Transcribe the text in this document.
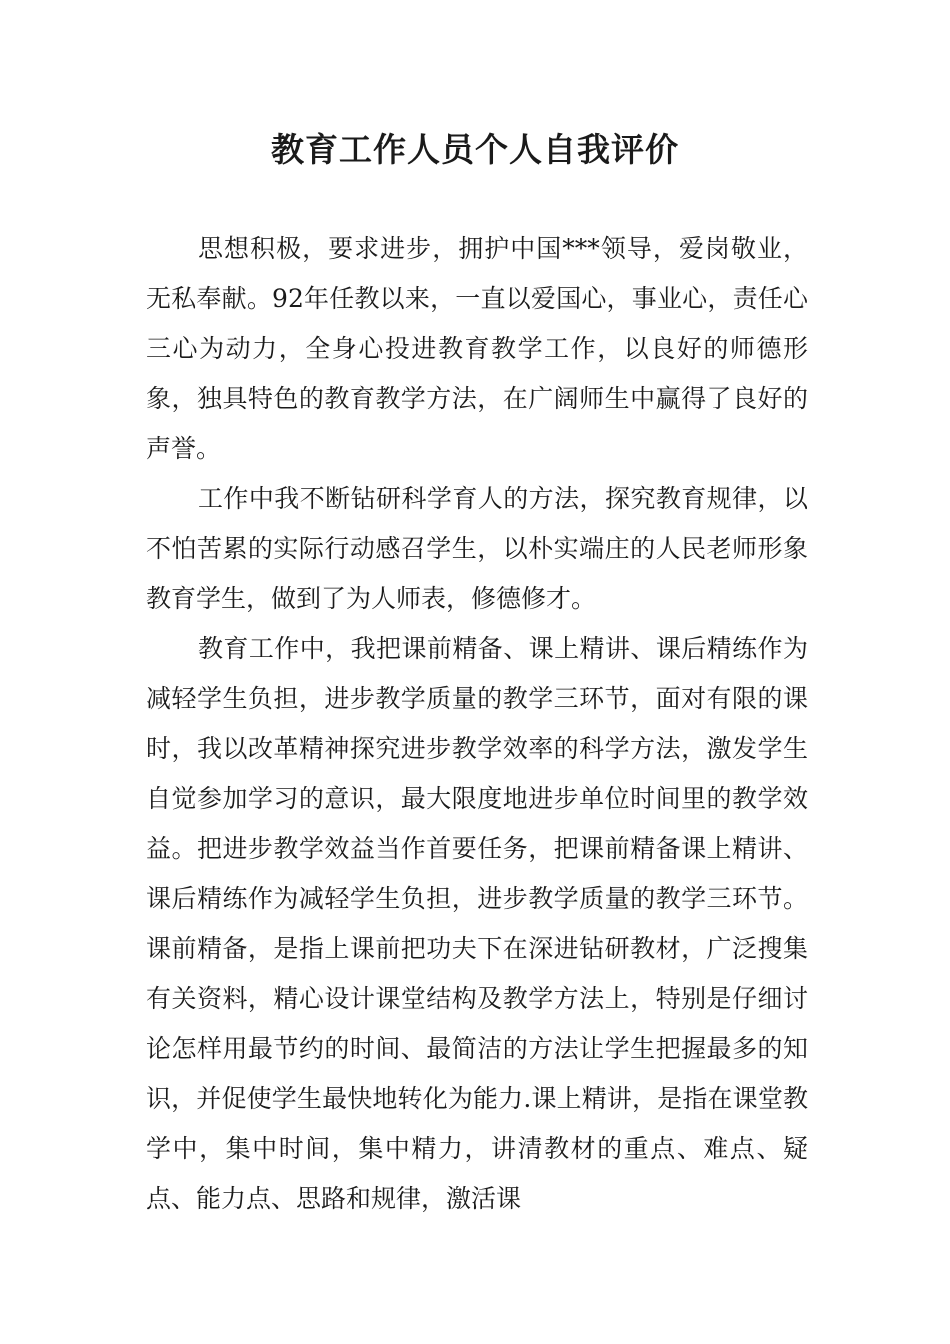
教育工作人员个人自我评价

思想积极，要求进步，拥护中国***领导，爱岗敬业，无私奉献。92年任教以来，一直以爱国心，事业心，责任心三心为动力，全身心投进教育教学工作，以良好的师德形象，独具特色的教育教学方法，在广阔师生中赢得了良好的声誉。

工作中我不断钻研科学育人的方法，探究教育规律，以不怕苦累的实际行动感召学生，以朴实端庄的人民老师形象教育学生，做到了为人师表，修德修才。

教育工作中，我把课前精备、课上精讲、课后精练作为减轻学生负担，进步教学质量的教学三环节，面对有限的课时，我以改革精神探究进步教学效率的科学方法，激发学生自觉参加学习的意识，最大限度地进步单位时间里的教学效益。把进步教学效益当作首要任务，把课前精备课上精讲、课后精练作为减轻学生负担，进步教学质量的教学三环节。课前精备，是指上课前把功夫下在深进钻研教材，广泛搜集有关资料，精心设计课堂结构及教学方法上，特别是仔细讨论怎样用最节约的时间、最简洁的方法让学生把握最多的知识，并促使学生最快地转化为能力.课上精讲，是指在课堂教学中，集中时间，集中精力，讲清教材的重点、难点、疑点、能力点、思路和规律，激活课
